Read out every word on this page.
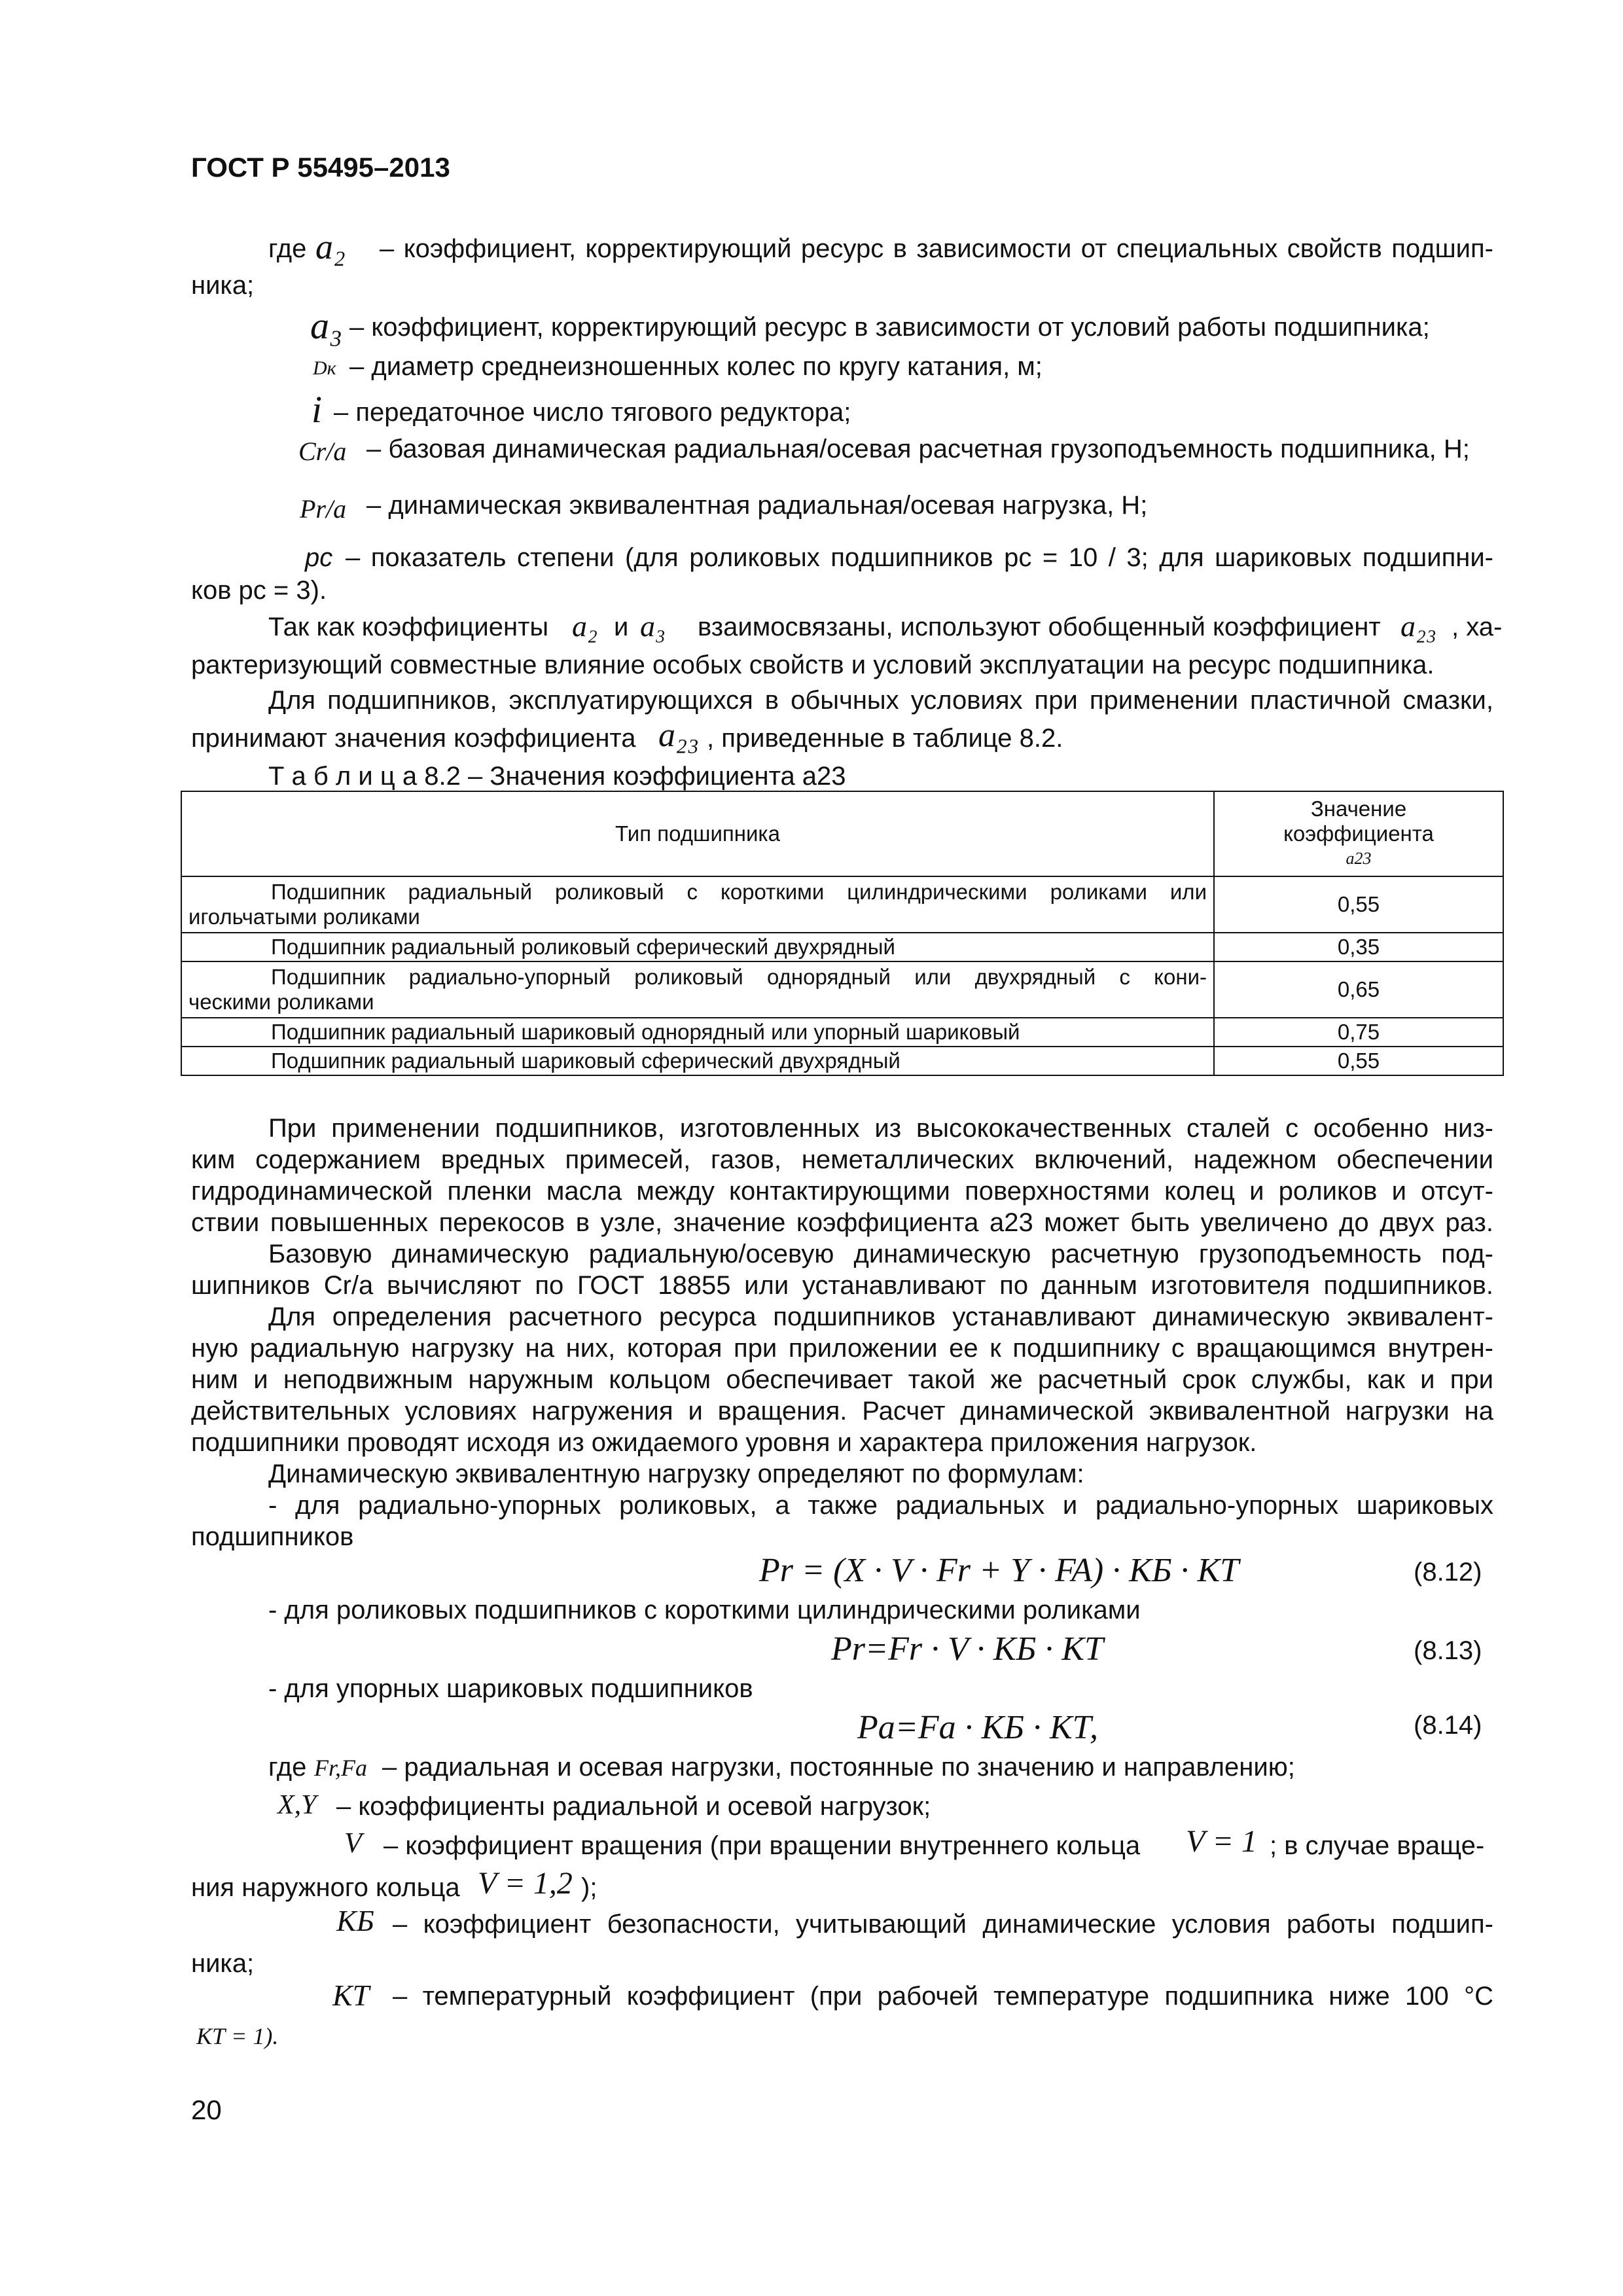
ГОСТ Р 55495–2013
где a₂ – коэффициент, корректирующий ресурс в зависимости от специальных свойств подшип-
ника;
a₃ – коэффициент, корректирующий ресурс в зависимости от условий работы подшипника;
Dк – диаметр среднеизношенных колес по кругу катания, м;
i – передаточное число тягового редуктора;
Cr/a – базовая динамическая радиальная/осевая расчетная грузоподъемность подшипника, Н;
Pr/a – динамическая эквивалентная радиальная/осевая нагрузка, Н;
pc – показатель степени (для роликовых подшипников pc = 10 / 3; для шариковых подшипни-
ков pc = 3).
Так как коэффициенты a₂ и a₃ взаимосвязаны, используют обобщенный коэффициент a₂₃ , ха-
рактеризующий совместные влияние особых свойств и условий эксплуатации на ресурс подшипника.
Для подшипников, эксплуатирующихся в обычных условиях при применении пластичной смазки,
принимают значения коэффициента a₂₃ , приведенные в таблице 8.2.
Т а б л и ц а 8.2 – Значения коэффициента a23
Тип подшипника	Значение
коэффициента
a23

Подшипник радиальный роликовый с короткими цилиндрическими роликами или
игольчатыми роликами	0,55

Подшипник радиальный роликовый сферический двухрядный	0,35

Подшипник радиально-упорный роликовый однорядный или двухрядный с кони-
ческими роликами	0,65

Подшипник радиальный шариковый однорядный или упорный шариковый	0,75

Подшипник радиальный шариковый сферический двухрядный	0,55
При применении подшипников, изготовленных из высококачественных сталей с особенно низ-
ким содержанием вредных примесей, газов, неметаллических включений, надежном обеспечении
гидродинамической пленки масла между контактирующими поверхностями колец и роликов и отсут-
ствии повышенных перекосов в узле, значение коэффициента a23 может быть увеличено до двух раз.
Базовую динамическую радиальную/осевую динамическую расчетную грузоподъемность под-
шипников Cr/a вычисляют по ГОСТ 18855 или устанавливают по данным изготовителя подшипников.
Для определения расчетного ресурса подшипников устанавливают динамическую эквивалент-
ную радиальную нагрузку на них, которая при приложении ее к подшипнику с вращающимся внутрен-
ним и неподвижным наружным кольцом обеспечивает такой же расчетный срок службы, как и при
действительных условиях нагружения и вращения. Расчет динамической эквивалентной нагрузки на
подшипники проводят исходя из ожидаемого уровня и характера приложения нагрузок.
Динамическую эквивалентную нагрузку определяют по формулам:
- для радиально-упорных роликовых, а также радиальных и радиально-упорных шариковых
подшипников
Pr = (X · V · Fr + Y · FA) · KБ · KТ	(8.12)
- для роликовых подшипников с короткими цилиндрическими роликами
Pr=Fr · V · KБ · KТ	(8.13)
- для упорных шариковых подшипников
Pa=Fa · KБ · KТ,	(8.14)
где Fr,Fa – радиальная и осевая нагрузки, постоянные по значению и направлению;
X,Y – коэффициенты радиальной и осевой нагрузок;
V – коэффициент вращения (при вращении внутреннего кольца V = 1 ; в случае враще-
ния наружного кольца V = 1,2 );
KБ – коэффициент безопасности, учитывающий динамические условия работы подшип-
ника;
KТ – температурный коэффициент (при рабочей температуре подшипника ниже 100 °С
KТ = 1).
20
